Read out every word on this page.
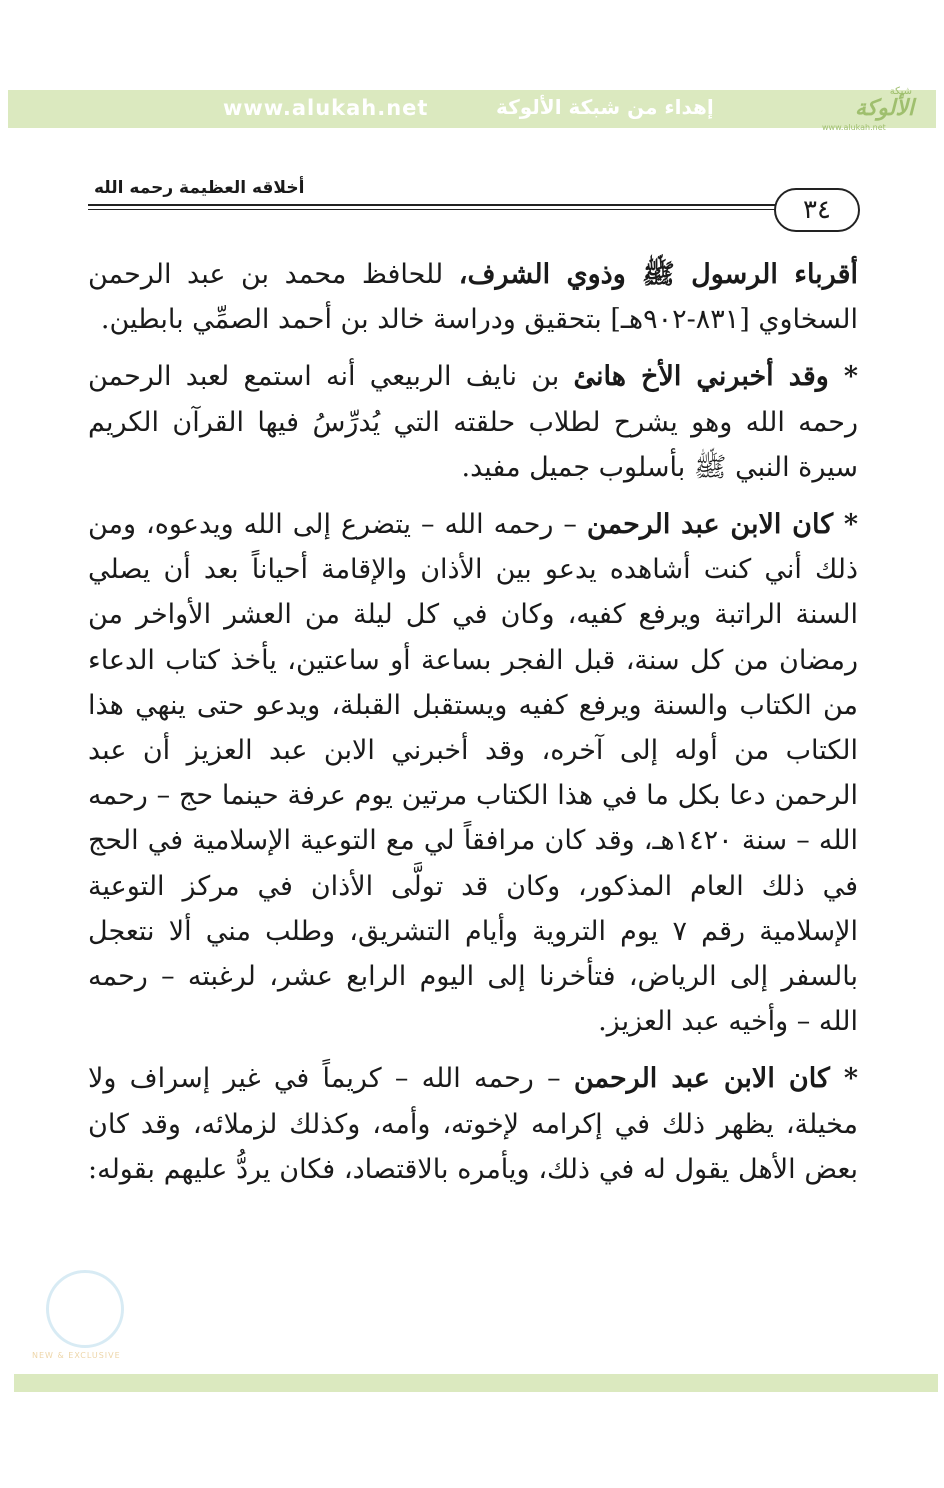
www.alukah.net	إهداء من شبكة الألوكة
شبكة
الألوكة
www.alukah.net
أخلاقه العظيمة رحمه الله
٣٤

أقرباء الرسول ﷺ وذوي الشرف، للحافظ محمد بن عبد الرحمن السخاوي [٨٣١-٩٠٢هـ] بتحقيق ودراسة خالد بن أحمد الصمِّي بابطين.

* وقد أخبرني الأخ هانئ بن نايف الربيعي أنه استمع لعبد الرحمن رحمه الله وهو يشرح لطلاب حلقته التي يُدرِّسُ فيها القرآن الكريم سيرة النبي ﷺ بأسلوب جميل مفيد.

* كان الابن عبد الرحمن – رحمه الله – يتضرع إلى الله ويدعوه، ومن ذلك أني كنت أشاهده يدعو بين الأذان والإقامة أحياناً بعد أن يصلي السنة الراتبة ويرفع كفيه، وكان في كل ليلة من العشر الأواخر من رمضان من كل سنة، قبل الفجر بساعة أو ساعتين، يأخذ كتاب الدعاء من الكتاب والسنة ويرفع كفيه ويستقبل القبلة، ويدعو حتى ينهي هذا الكتاب من أوله إلى آخره، وقد أخبرني الابن عبد العزيز أن عبد الرحمن دعا بكل ما في هذا الكتاب مرتين يوم عرفة حينما حج – رحمه الله – سنة ١٤٢٠هـ، وقد كان مرافقاً لي مع التوعية الإسلامية في الحج في ذلك العام المذكور، وكان قد تولَّى الأذان في مركز التوعية الإسلامية رقم ٧ يوم التروية وأيام التشريق، وطلب مني ألا نتعجل بالسفر إلى الرياض، فتأخرنا إلى اليوم الرابع عشر، لرغبته – رحمه الله – وأخيه عبد العزيز.

* كان الابن عبد الرحمن – رحمه الله – كريماً في غير إسراف ولا مخيلة، يظهر ذلك في إكرامه لإخوته، وأمه، وكذلك لزملائه، وقد كان بعض الأهل يقول له في ذلك، ويأمره بالاقتصاد، فكان يردُّ عليهم بقوله:

NEW & EXCLUSIVE
